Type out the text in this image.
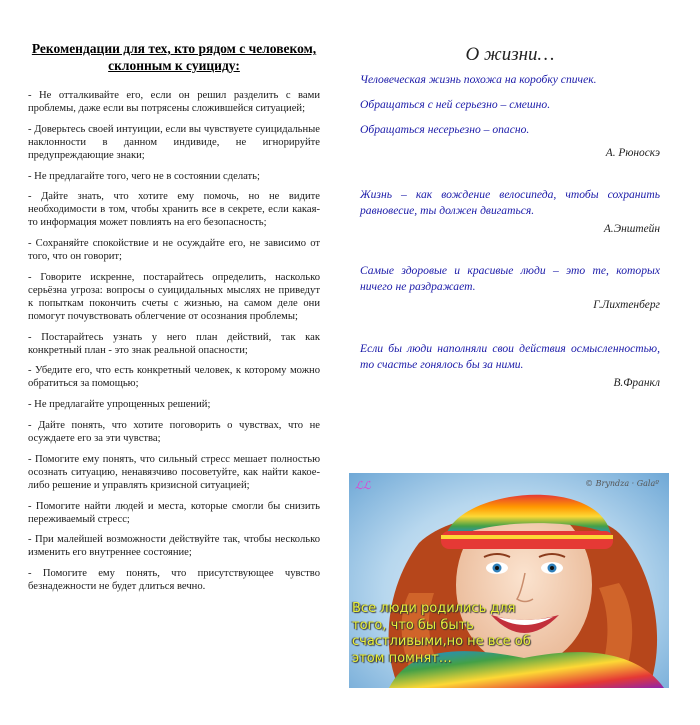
Рекомендации для тех, кто рядом с человеком, склонным к суициду:

- Не отталкивайте его, если он решил разделить с вами проблемы, даже если вы потрясены сложившейся ситуацией;

- Доверьтесь своей интуиции, если вы чувствуете суицидальные наклонности в данном индивиде, не игнорируйте предупреждающие знаки;

- Не предлагайте того, чего не в состоянии сделать;

- Дайте знать, что хотите ему помочь, но не видите необходимости в том, чтобы хранить все в секрете, если какая-то информация может повлиять на его безопасность;

- Сохраняйте спокойствие и не осуждайте его, не зависимо от того, что он говорит;

- Говорите искренне, постарайтесь определить, насколько серьёзна угроза: вопросы о суицидальных мыслях не приведут к попыткам покончить счеты с жизнью, на самом деле они помогут почувствовать облегчение от осознания проблемы;

- Постарайтесь узнать у него план действий, так как конкретный план - это знак реальной опасности;

- Убедите его, что есть конкретный человек, к которому можно обратиться за помощью;

- Не предлагайте упрощенных решений;

- Дайте понять, что хотите поговорить о чувствах, что не осуждаете его за эти чувства;

- Помогите ему понять, что сильный стресс мешает полностью осознать ситуацию, ненавязчиво посоветуйте, как найти какое-либо решение и управлять кризисной ситуацией;

- Помогите найти людей и места, которые смогли бы снизить переживаемый стресс;

- При малейшей возможности действуйте так, чтобы несколько изменить его внутреннее состояние;

- Помогите ему понять, что присутствующее чувство безнадежности не будет длиться вечно.

О жизни…
Человеческая жизнь похожа на коробку спичек.
Обращаться с ней серьезно – смешно.
Обращаться несерьезно – опасно.
А. Рюноскэ
Жизнь – как вождение велосипеда, чтобы сохранить равновесие, ты должен двигаться.
А.Энштейн
Самые здоровые и красивые люди – это те, которых ничего не раздражает.
Г.Лихтенберг
Если бы люди наполняли свои действия осмысленностью, то счастье гонялось бы за ними.
В.Франкл
ℒℒ	© Bryndza · Galaº
Все люди родились для того, что бы быть счастливыми,но не все об этом помнят…
